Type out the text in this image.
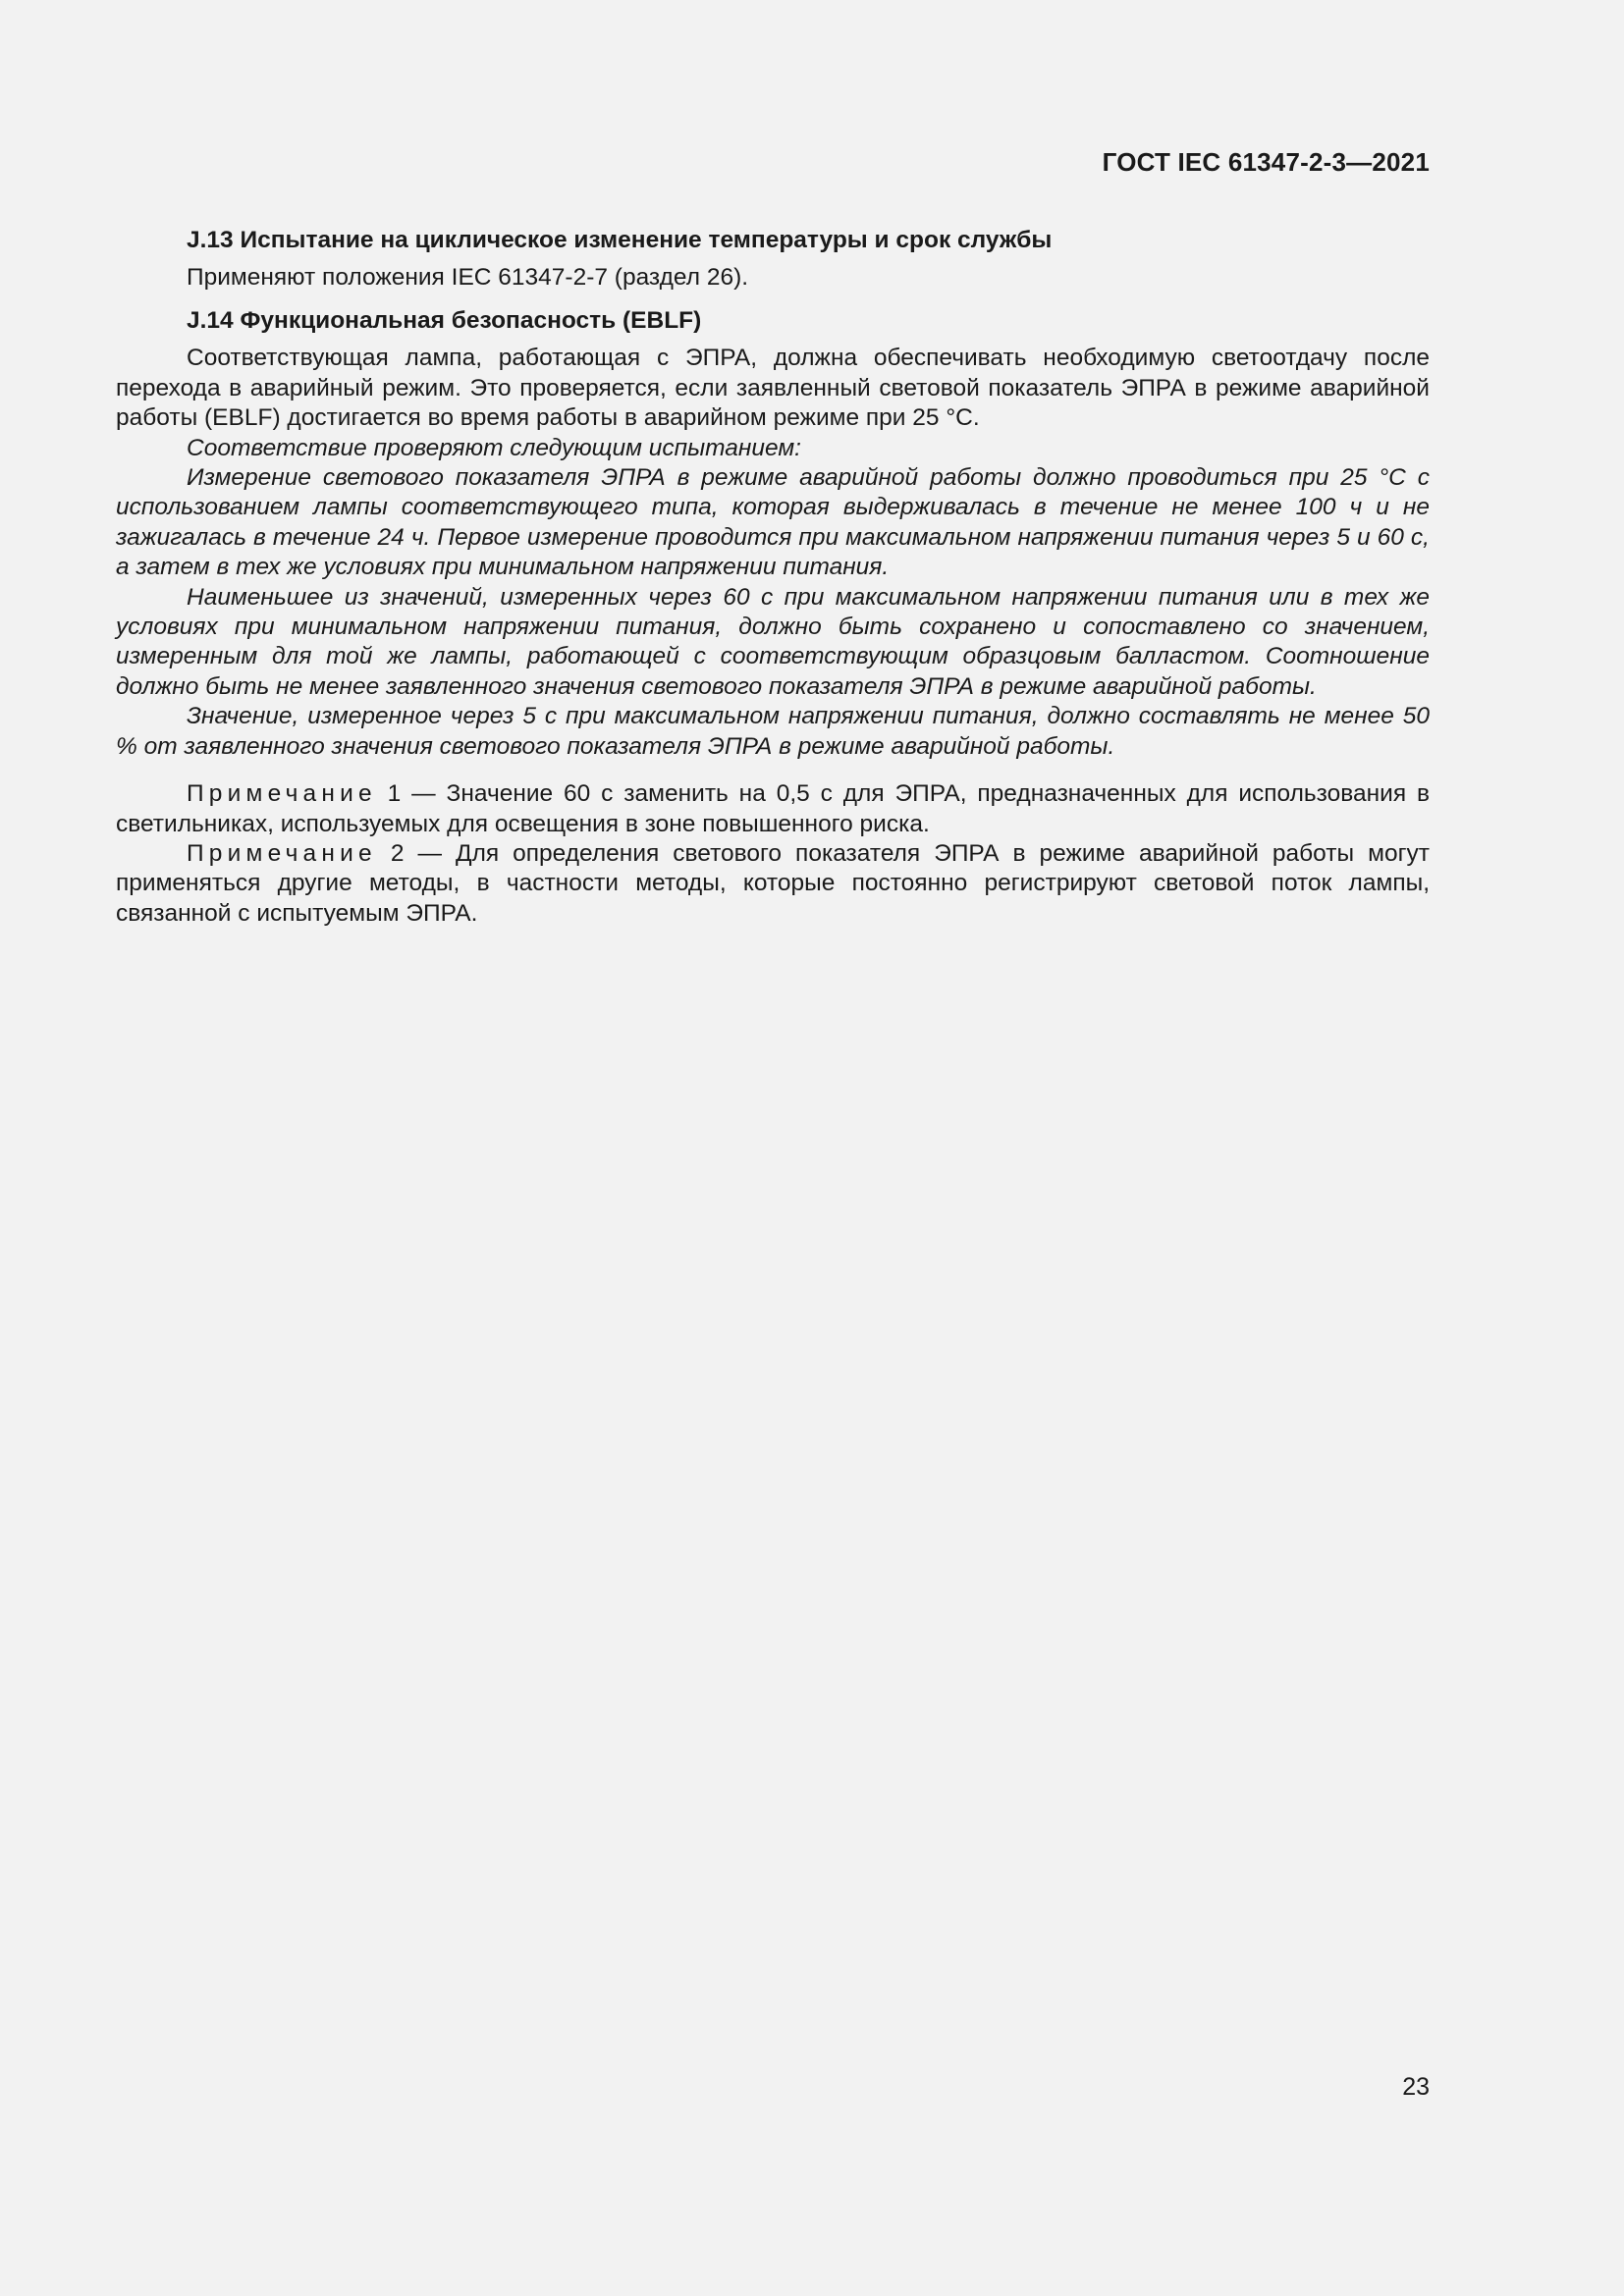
ГОСТ IEC 61347-2-3—2021
J.13 Испытание на циклическое изменение температуры и срок службы

Применяют положения IEC 61347-2-7 (раздел 26).

J.14 Функциональная безопасность (EBLF)

Соответствующая лампа, работающая с ЭПРА, должна обеспечивать необходимую светоотдачу после перехода в аварийный режим. Это проверяется, если заявленный световой показатель ЭПРА в режиме аварийной работы (EBLF) достигается во время работы в аварийном режиме при 25 °С.

Соответствие проверяют следующим испытанием:

Измерение светового показателя ЭПРА в режиме аварийной работы должно проводиться при 25 °С с использованием лампы соответствующего типа, которая выдерживалась в течение не менее 100 ч и не зажигалась в течение 24 ч. Первое измерение проводится при максимальном напряжении питания через 5 и 60 с, а затем в тех же условиях при минимальном напряжении питания.

Наименьшее из значений, измеренных через 60 с при максимальном напряжении питания или в тех же условиях при минимальном напряжении питания, должно быть сохранено и сопоставлено со значением, измеренным для той же лампы, работающей с соответствующим образцовым балластом. Соотношение должно быть не менее заявленного значения светового показателя ЭПРА в режиме аварийной работы.

Значение, измеренное через 5 с при максимальном напряжении питания, должно составлять не менее 50 % от заявленного значения светового показателя ЭПРА в режиме аварийной работы.

Примечание 1 — Значение 60 с заменить на 0,5 с для ЭПРА, предназначенных для использования в светильниках, используемых для освещения в зоне повышенного риска.

Примечание 2 — Для определения светового показателя ЭПРА в режиме аварийной работы могут применяться другие методы, в частности методы, которые постоянно регистрируют световой поток лампы, связанной с испытуемым ЭПРА.

23
